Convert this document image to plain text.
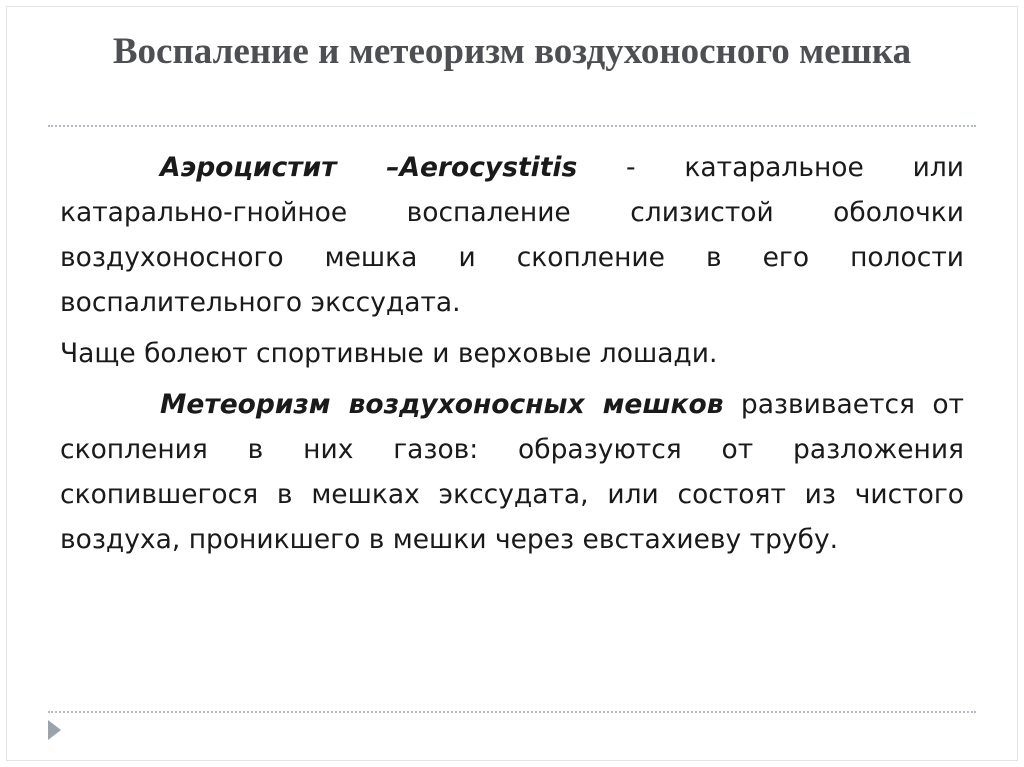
Воспаление и метеоризм воздухоносного мешка

Аэроцистит –Aerocystitis - катаральное или катарально-гнойное воспаление слизистой оболочки воздухоносного мешка и скопление в его полости воспалительного экссудата.

Чаще болеют спортивные и верховые лошади.

Метеоризм воздухоносных мешков развивается от скопления в них газов: образуются от разложения скопившегося в мешках экссудата, или состоят из чистого воздуха, проникшего в мешки через евстахиеву трубу.
